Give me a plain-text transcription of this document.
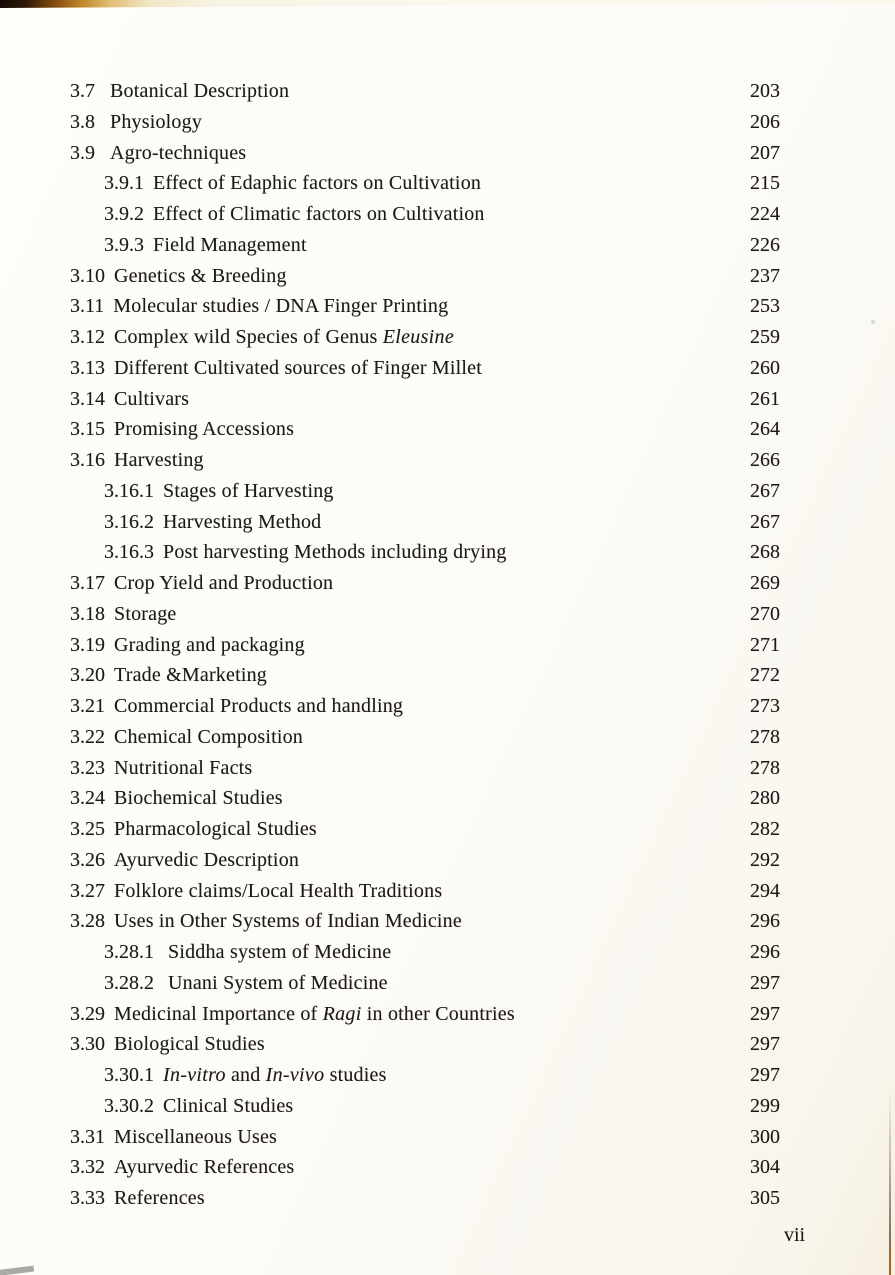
3.7 Botanical Description	203
3.8 Physiology	206
3.9 Agro-techniques	207
3.9.1 Effect of Edaphic factors on Cultivation	215
3.9.2 Effect of Climatic factors on Cultivation	224
3.9.3 Field Management	226
3.10 Genetics & Breeding	237
3.11 Molecular studies / DNA Finger Printing	253
3.12 Complex wild Species of Genus Eleusine	259
3.13 Different Cultivated sources of Finger Millet	260
3.14 Cultivars	261
3.15 Promising Accessions	264
3.16 Harvesting	266
3.16.1 Stages of Harvesting	267
3.16.2 Harvesting Method	267
3.16.3 Post harvesting Methods including drying	268
3.17 Crop Yield and Production	269
3.18 Storage	270
3.19 Grading and packaging	271
3.20 Trade &Marketing	272
3.21 Commercial Products and handling	273
3.22 Chemical Composition	278
3.23 Nutritional Facts	278
3.24 Biochemical Studies	280
3.25 Pharmacological Studies	282
3.26 Ayurvedic Description	292
3.27 Folklore claims/Local Health Traditions	294
3.28 Uses in Other Systems of Indian Medicine	296
3.28.1 Siddha system of Medicine	296
3.28.2 Unani System of Medicine	297
3.29 Medicinal Importance of Ragi in other Countries	297
3.30 Biological Studies	297
3.30.1 In-vitro and In-vivo studies	297
3.30.2 Clinical Studies	299
3.31 Miscellaneous Uses	300
3.32 Ayurvedic References	304
3.33 References	305
vii
